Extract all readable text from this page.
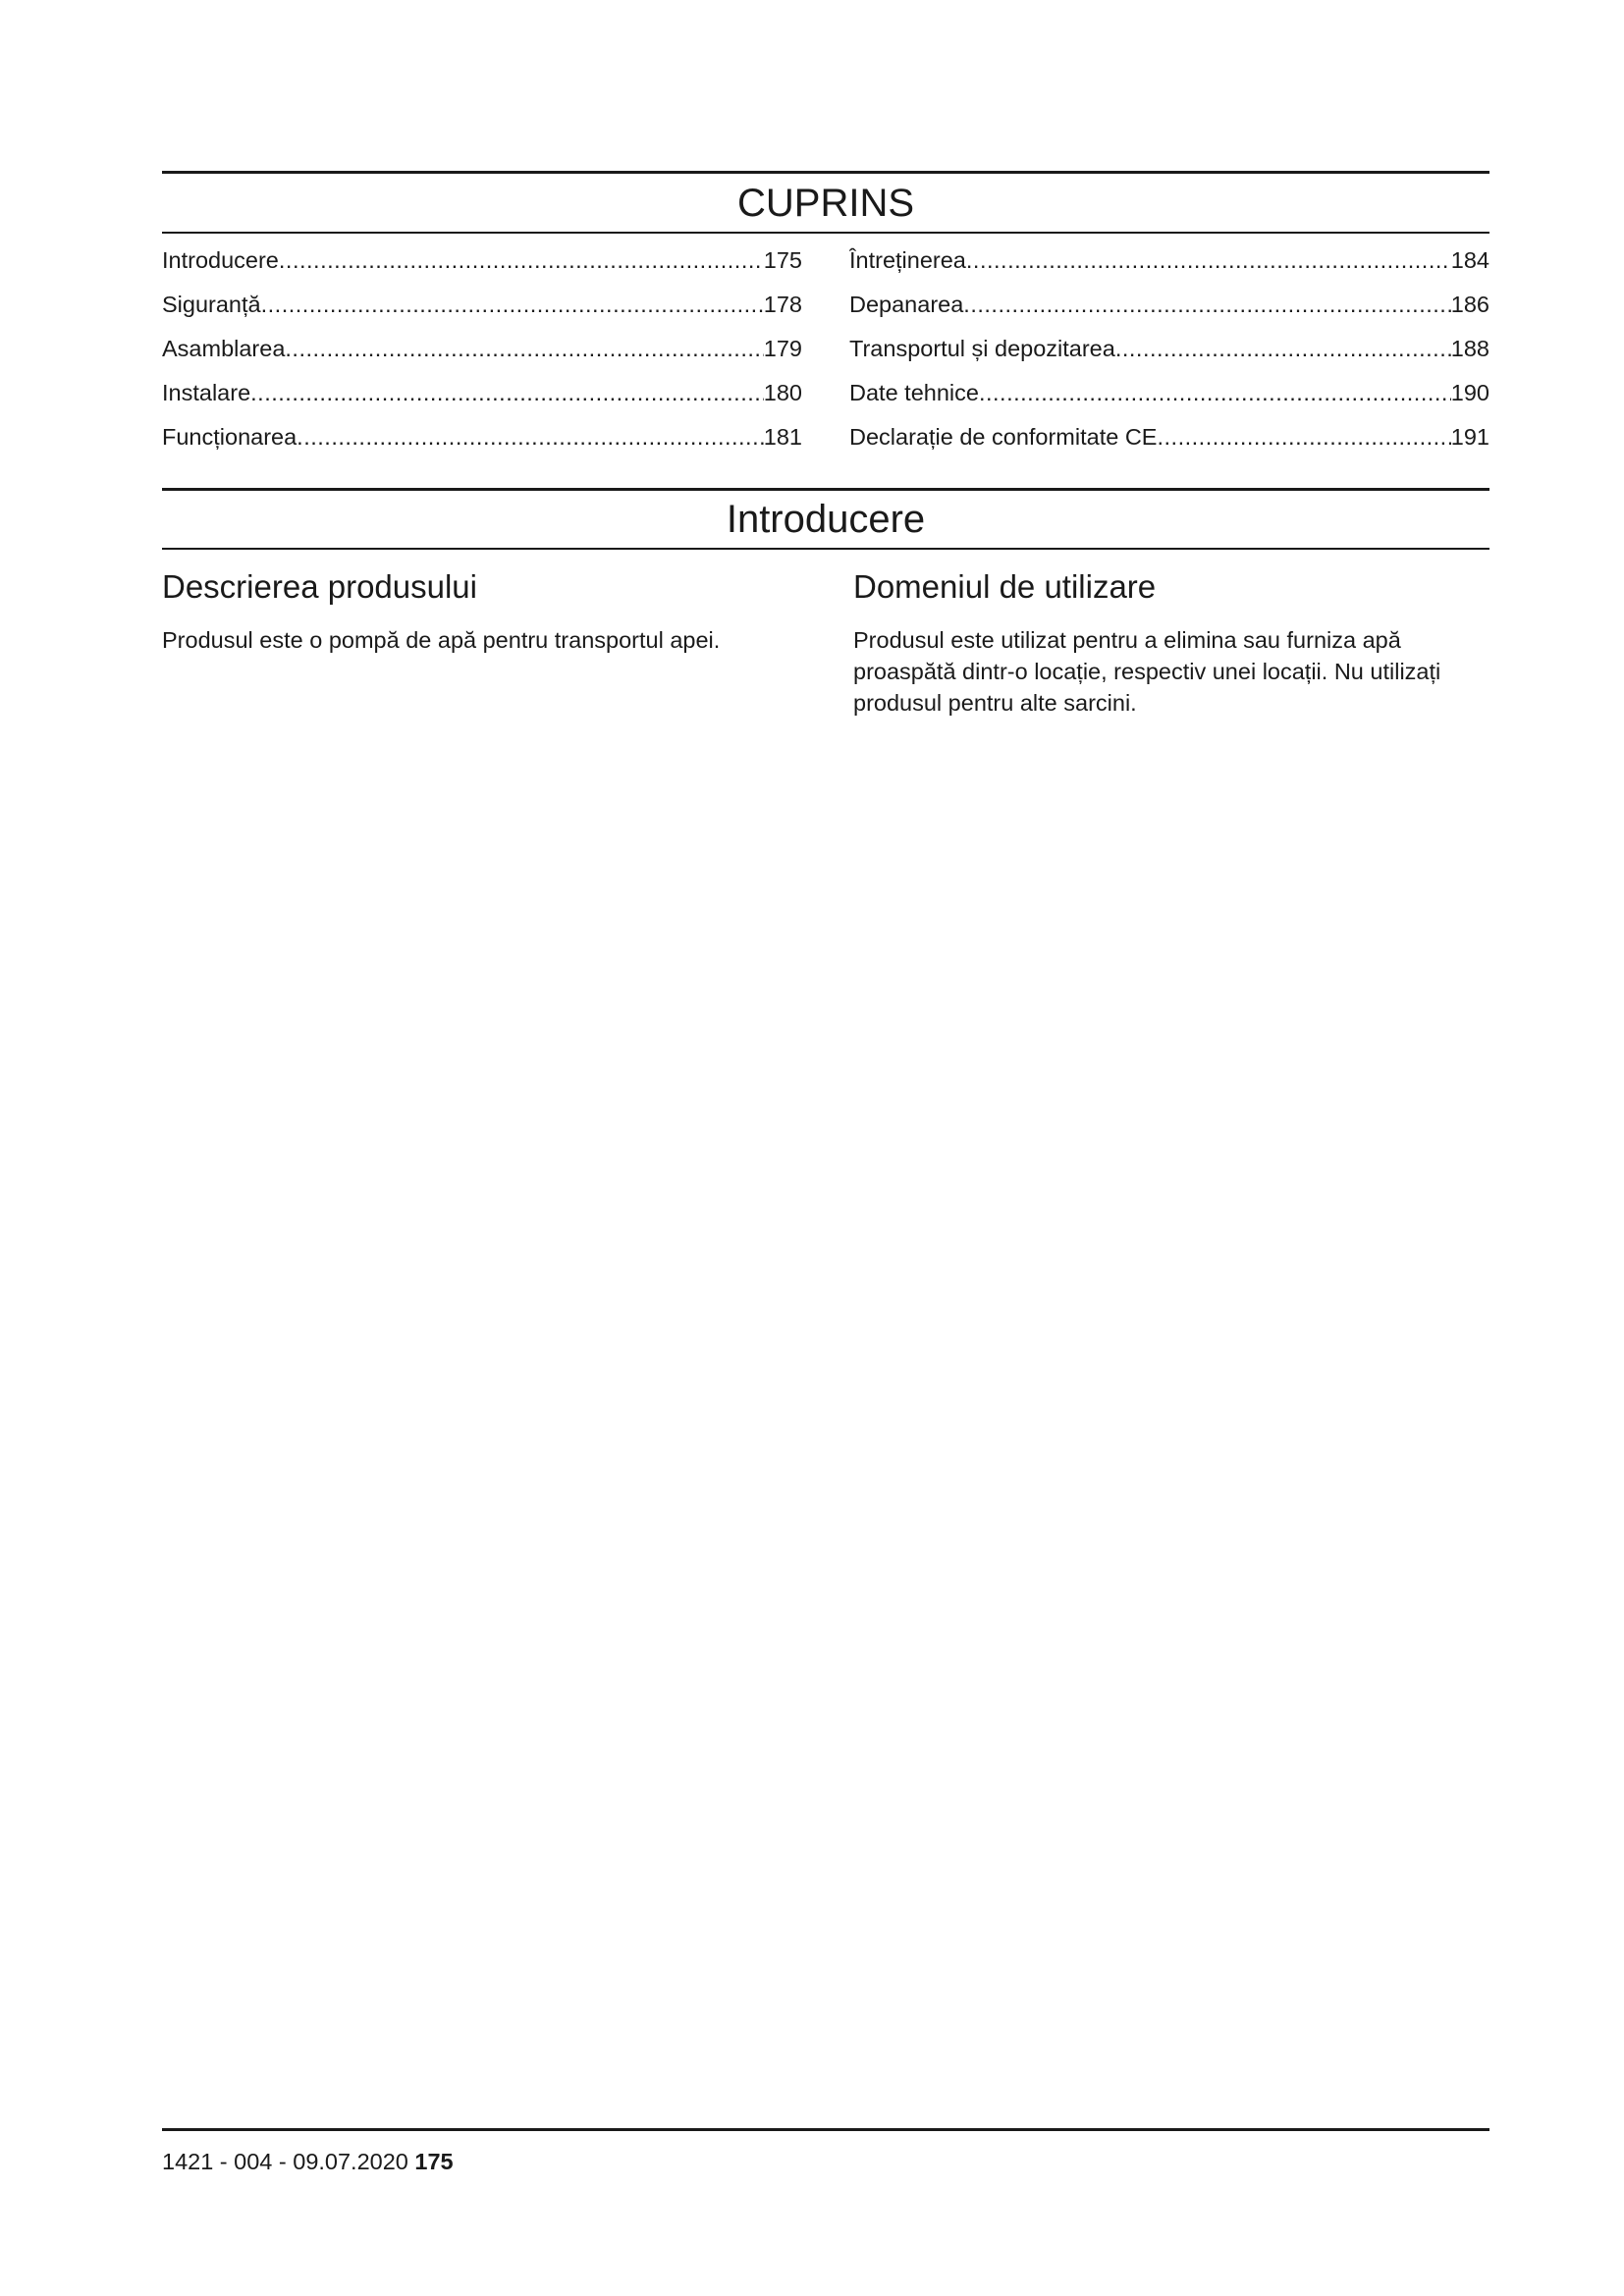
CUPRINS
Introducere .....	175
Siguranță .....	178
Asamblarea .....	179
Instalare .....	180
Funcționarea .....	181
Întreținerea .....	184
Depanarea .....	186
Transportul și depozitarea .....	188
Date tehnice .....	190
Declarație de conformitate CE .....	191
Introducere
Descrierea produsului

Produsul este o pompă de apă pentru transportul apei.

Domeniul de utilizare

Produsul este utilizat pentru a elimina sau furniza apă proaspătă dintr-o locație, respectiv unei locații. Nu utilizați produsul pentru alte sarcini.

1421 - 004 - 09.07.2020 175
